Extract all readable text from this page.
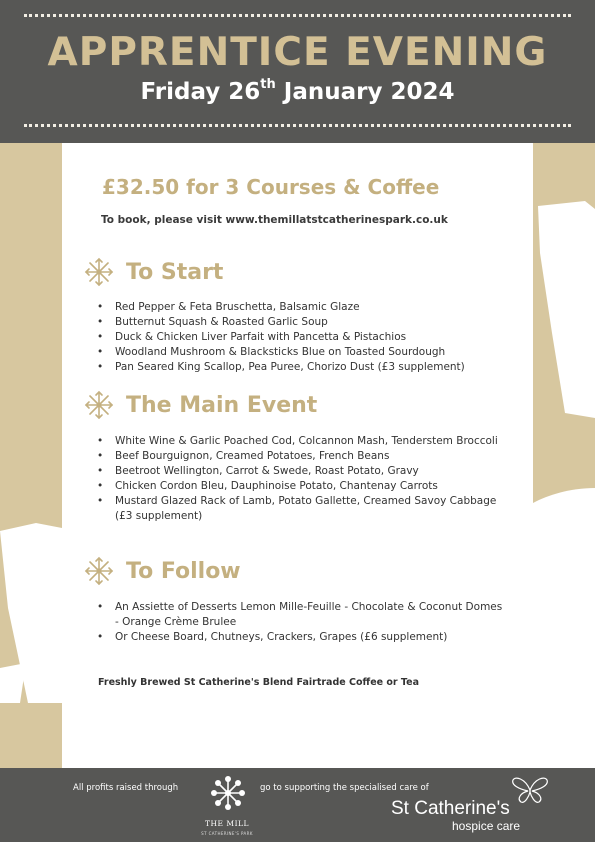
APPRENTICE EVENING
Friday 26th January 2024
£32.50 for 3 Courses & Coffee
To book, please visit www.themillatstcatherinespark.co.uk
To Start
• Red Pepper & Feta Bruschetta, Balsamic Glaze
• Butternut Squash & Roasted Garlic Soup
• Duck & Chicken Liver Parfait with Pancetta & Pistachios
• Woodland Mushroom & Blacksticks Blue on Toasted Sourdough
• Pan Seared King Scallop, Pea Puree, Chorizo Dust (£3 supplement)
The Main Event
• White Wine & Garlic Poached Cod, Colcannon Mash, Tenderstem Broccoli
• Beef Bourguignon, Creamed Potatoes, French Beans
• Beetroot Wellington, Carrot & Swede, Roast Potato, Gravy
• Chicken Cordon Bleu, Dauphinoise Potato, Chantenay Carrots
• Mustard Glazed Rack of Lamb, Potato Gallette, Creamed Savoy Cabbage (£3 supplement)
To Follow
• An Assiette of Desserts Lemon Mille-Feuille - Chocolate & Coconut Domes - Orange Crème Brulee
• Or Cheese Board, Chutneys, Crackers, Grapes (£6 supplement)
Freshly Brewed St Catherine's Blend Fairtrade Coffee or Tea
All profits raised through
THE MILL
ST CATHERINE'S PARK
go to supporting the specialised care of
St Catherine's
hospice care
